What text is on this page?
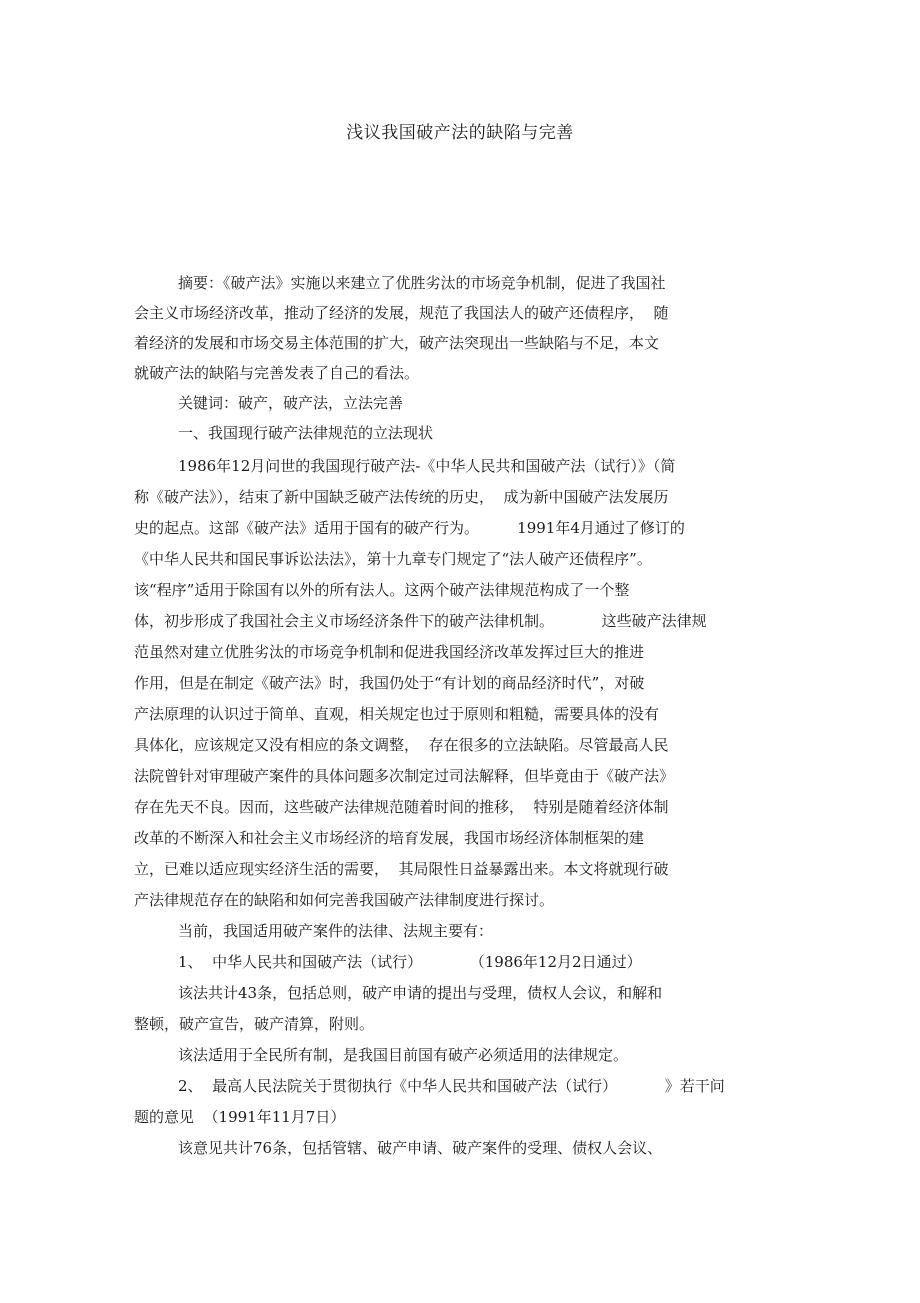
浅议我国破产法的缺陷与完善
摘要：《破产法》实施以来建立了优胜劣汰的市场竞争机制，促进了我国社
会主义市场经济改革，推动了经济的发展，规范了我国法人的破产还债程序，  随
着经济的发展和市场交易主体范围的扩大，破产法突现出一些缺陷与不足，本文
就破产法的缺陷与完善发表了自己的看法。
关键词：破产，破产法，立法完善
一、我国现行破产法律规范的立法现状
1986年12月问世的我国现行破产法-《中华人民共和国破产法（试行）》（简
称《破产法》），结束了新中国缺乏破产法传统的历史，  成为新中国破产法发展历
史的起点。这部《破产法》适用于国有的破产行为。        1991年4月通过了修订的
《中华人民共和国民事诉讼法法》，第十九章专门规定了“法人破产还债程序”。
该“程序”适用于除国有以外的所有法人。这两个破产法律规范构成了一个整
体，初步形成了我国社会主义市场经济条件下的破产法律机制。          这些破产法律规
范虽然对建立优胜劣汰的市场竞争机制和促进我国经济改革发挥过巨大的推进
作用，但是在制定《破产法》时，我国仍处于“有计划的商品经济时代”，对破
产法原理的认识过于简单、直观，相关规定也过于原则和粗糙，需要具体的没有
具体化，应该规定又没有相应的条文调整，  存在很多的立法缺陷。尽管最高人民
法院曾针对审理破产案件的具体问题多次制定过司法解释，但毕竟由于《破产法》
存在先天不良。因而，这些破产法律规范随着时间的推移，  特别是随着经济体制
改革的不断深入和社会主义市场经济的培育发展，我国市场经济体制框架的建
立，已难以适应现实经济生活的需要，  其局限性日益暴露出来。本文将就现行破
产法律规范存在的缺陷和如何完善我国破产法律制度进行探讨。
当前，我国适用破产案件的法律、法规主要有：
1、  中华人民共和国破产法（试行）          （1986年12月2日通过）
该法共计43条，包括总则，破产申请的提出与受理，债权人会议，和解和
整顿，破产宣告，破产清算，附则。
该法适用于全民所有制，是我国目前国有破产必须适用的法律规定。
2、  最高人民法院关于贯彻执行《中华人民共和国破产法（试行）          》若干问
题的意见  （1991年11月7日）
该意见共计76条，包括管辖、破产申请、破产案件的受理、债权人会议、
